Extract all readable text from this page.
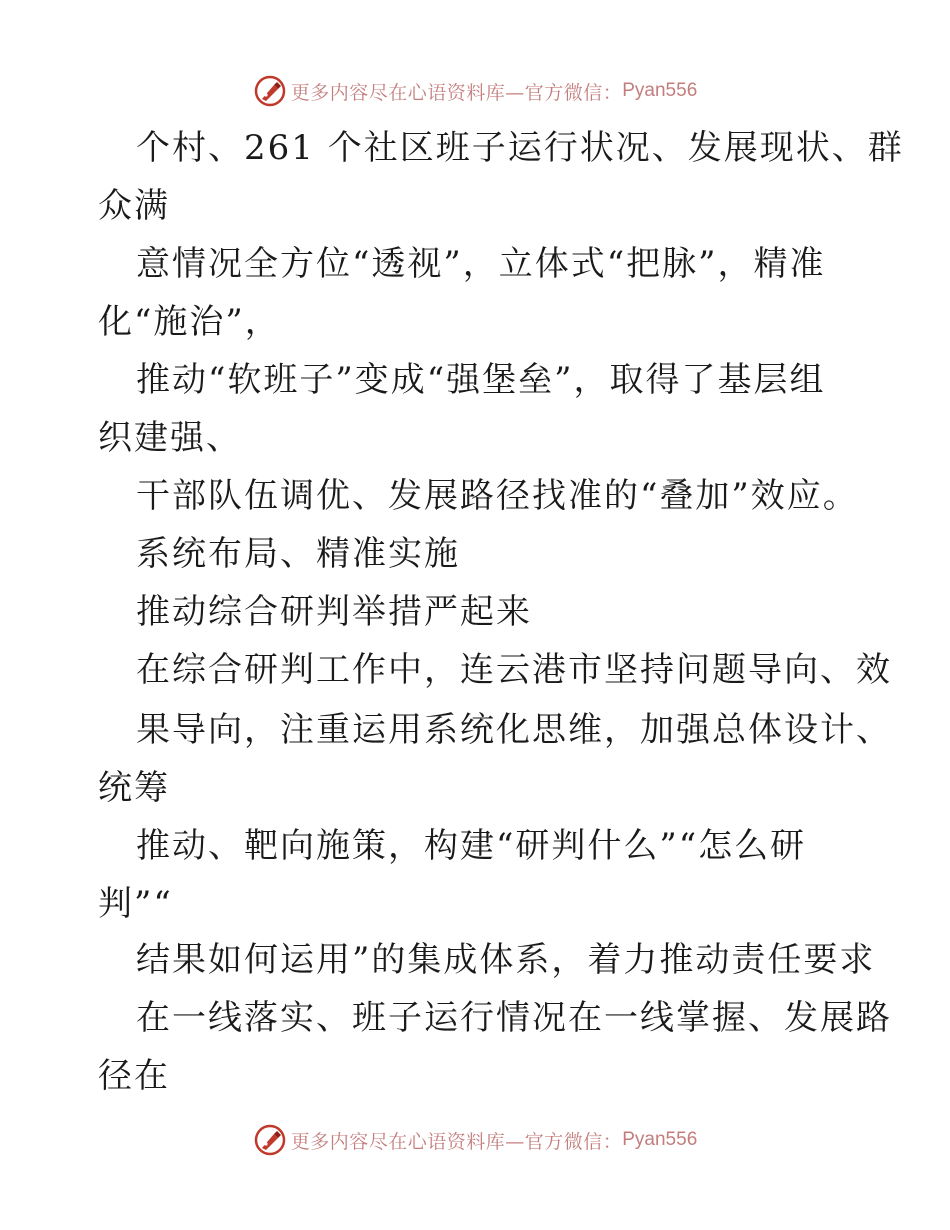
更多内容尽在心语资料库—官方微信： Pyan556
个村、261 个社区班子运行状况、发展现状、群
众满
意情况全方位“透视”，立体式“把脉”，精准
化“施治”，
推动“软班子”变成“强堡垒”，取得了基层组
织建强、
干部队伍调优、发展路径找准的“叠加”效应。
系统布局、精准实施
推动综合研判举措严起来
在综合研判工作中，连云港市坚持问题导向、效
果导向，注重运用系统化思维，加强总体设计、
统筹
推动、靶向施策，构建“研判什么”“怎么研
判”“
结果如何运用”的集成体系，着力推动责任要求
在一线落实、班子运行情况在一线掌握、发展路
径在
更多内容尽在心语资料库—官方微信： Pyan556
